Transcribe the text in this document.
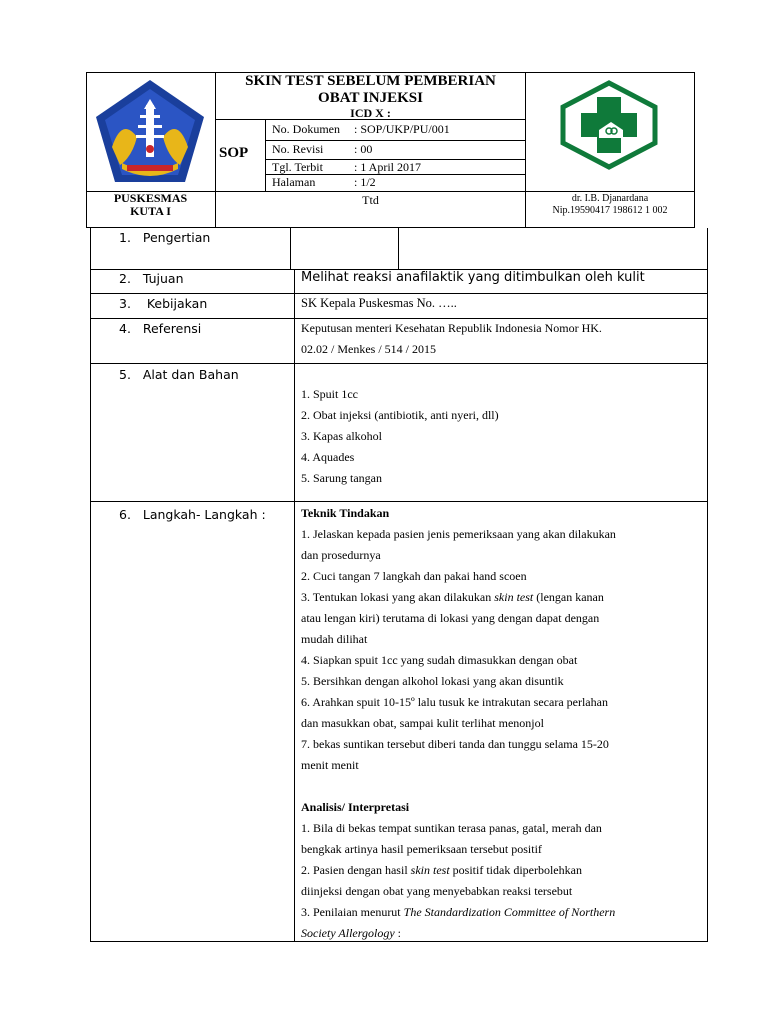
SKIN TEST SEBELUM PEMBERIAN
OBAT INJEKSI
ICD X :
SOP
No. Dokumen : SOP/UKP/PU/001
No. Revisi	: 00
Tgl. Terbit	: 1 April 2017
Halaman	: 1/2
PUSKESMAS
KUTA I
Ttd	dr. I.B. Djanardana
Nip.19590417 198612 1 002
1. Pengertian
2. Tujuan	Melihat reaksi anafilaktik yang ditimbulkan oleh kulit
3. Kebijakan	SK Kepala Puskesmas No. …..
4. Referensi	Keputusan menteri Kesehatan Republik Indonesia Nomor HK.
02.02 / Menkes / 514 / 2015
5. Alat dan Bahan
1. Spuit 1cc
2. Obat injeksi (antibiotik, anti nyeri, dll)
3. Kapas alkohol
4. Aquades
5. Sarung tangan
6. Langkah- Langkah :	Teknik Tindakan
1. Jelaskan kepada pasien jenis pemeriksaan yang akan dilakukan
dan prosedurnya
2. Cuci tangan 7 langkah dan pakai hand scoen
3. Tentukan lokasi yang akan dilakukan skin test (lengan kanan
atau lengan kiri) terutama di lokasi yang dengan dapat dengan
mudah dilihat
4. Siapkan spuit 1cc yang sudah dimasukkan dengan obat
5. Bersihkan dengan alkohol lokasi yang akan disuntik
6. Arahkan spuit 10-15º lalu tusuk ke intrakutan secara perlahan
dan masukkan obat, sampai kulit terlihat menonjol
7. bekas suntikan tersebut diberi tanda dan tunggu selama 15-20
menit menit

Analisis/ Interpretasi
1. Bila di bekas tempat suntikan terasa panas, gatal, merah dan
bengkak artinya hasil pemeriksaan tersebut positif
2. Pasien dengan hasil skin test positif tidak diperbolehkan
diinjeksi dengan obat yang menyebabkan reaksi tersebut
3. Penilaian menurut The Standardization Committee of Northern
Society Allergology :
